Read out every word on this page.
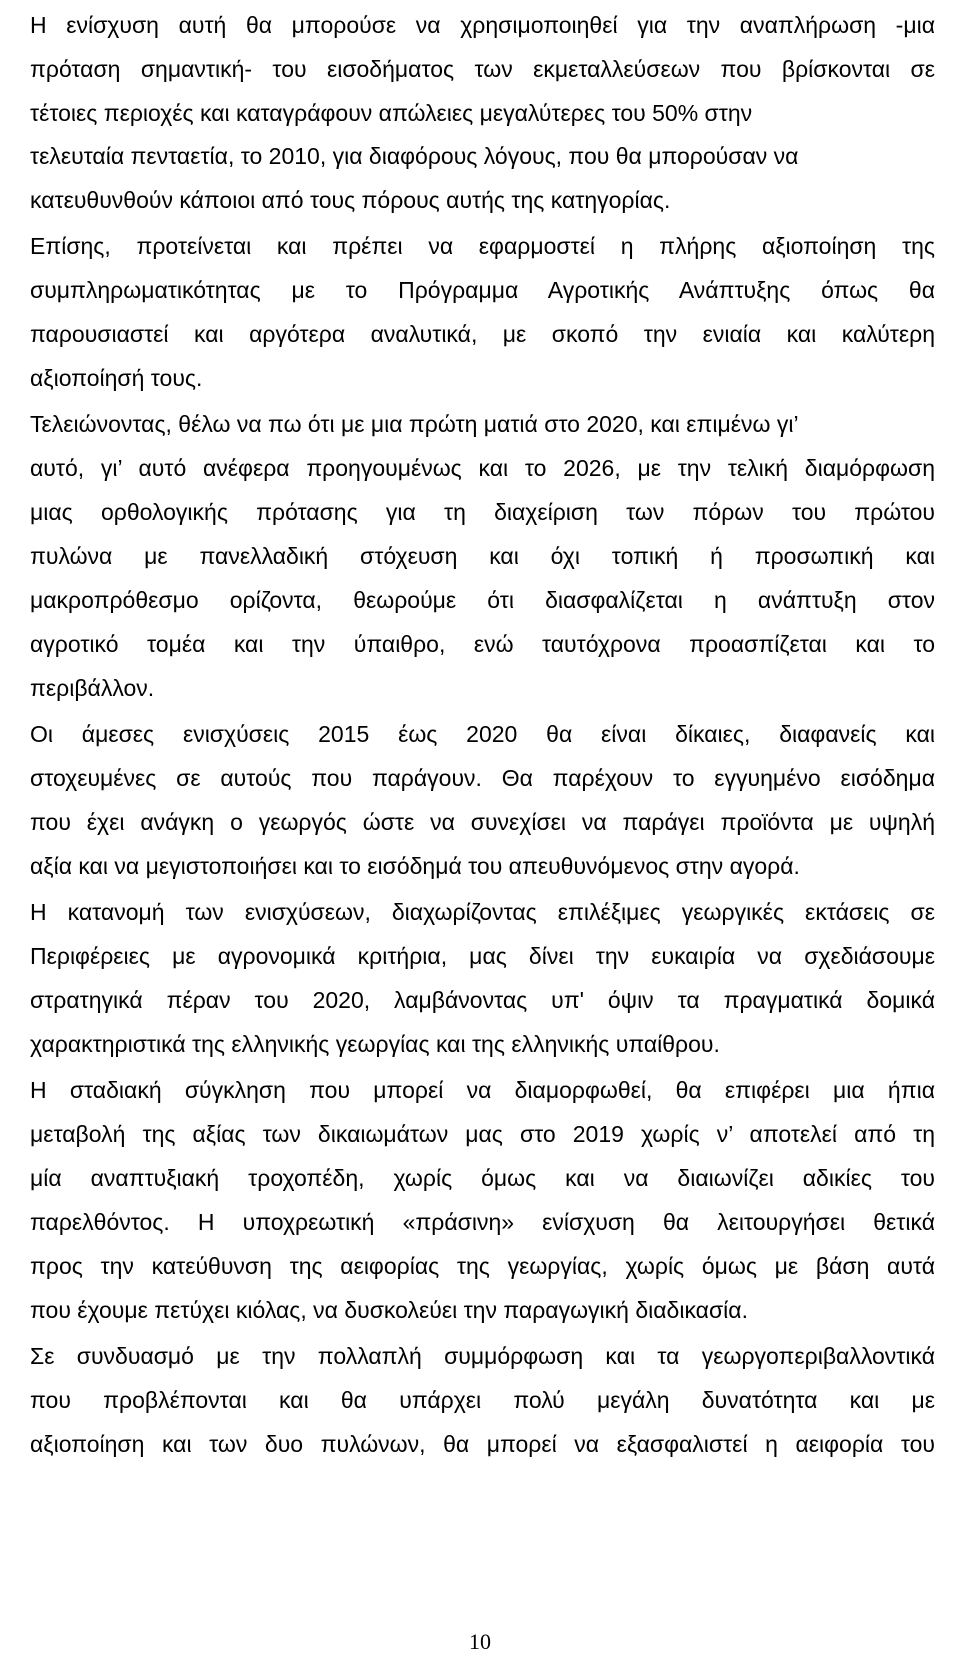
Η ενίσχυση αυτή θα μπορούσε να χρησιμοποιηθεί για την αναπλήρωση -μια
πρόταση σημαντική- του εισοδήματος των εκμεταλλεύσεων που βρίσκονται σε
τέτοιες περιοχές και καταγράφουν απώλειες μεγαλύτερες του 50% στην
τελευταία πενταετία, το 2010, για διαφόρους λόγους, που θα μπορούσαν να
κατευθυνθούν κάποιοι από τους πόρους αυτής της κατηγορίας.
Επίσης, προτείνεται και πρέπει να εφαρμοστεί η πλήρης αξιοποίηση της
συμπληρωματικότητας με το Πρόγραμμα Αγροτικής Ανάπτυξης όπως θα
παρουσιαστεί και αργότερα αναλυτικά, με σκοπό την ενιαία και καλύτερη
αξιοποίησή τους.
Τελειώνοντας, θέλω να πω ότι με μια πρώτη ματιά στο 2020, και επιμένω γι’
αυτό, γι’ αυτό ανέφερα προηγουμένως και το 2026, με την τελική διαμόρφωση
μιας ορθολογικής πρότασης για τη διαχείριση των πόρων του πρώτου
πυλώνα με πανελλαδική στόχευση και όχι τοπική ή προσωπική και
μακροπρόθεσμο ορίζοντα, θεωρούμε ότι διασφαλίζεται η ανάπτυξη στον
αγροτικό τομέα και την ύπαιθρο, ενώ ταυτόχρονα προασπίζεται και το
περιβάλλον.
Οι άμεσες ενισχύσεις 2015 έως 2020 θα είναι δίκαιες, διαφανείς και
στοχευμένες σε αυτούς που παράγουν. Θα παρέχουν το εγγυημένο εισόδημα
που έχει ανάγκη ο γεωργός ώστε να συνεχίσει να παράγει προϊόντα με υψηλή
αξία και να μεγιστοποιήσει και το εισόδημά του απευθυνόμενος στην αγορά.
Η κατανομή των ενισχύσεων, διαχωρίζοντας επιλέξιμες γεωργικές εκτάσεις σε
Περιφέρειες με αγρονομικά κριτήρια, μας δίνει την ευκαιρία να σχεδιάσουμε
στρατηγικά πέραν του 2020, λαμβάνοντας υπ' όψιν τα πραγματικά δομικά
χαρακτηριστικά της ελληνικής γεωργίας και της ελληνικής υπαίθρου.
Η σταδιακή σύγκληση που μπορεί να διαμορφωθεί, θα επιφέρει μια ήπια
μεταβολή της αξίας των δικαιωμάτων μας στο 2019 χωρίς ν’ αποτελεί από τη
μία αναπτυξιακή τροχοπέδη, χωρίς όμως και να διαιωνίζει αδικίες του
παρελθόντος. Η υποχρεωτική «πράσινη» ενίσχυση θα λειτουργήσει θετικά
προς την κατεύθυνση της αειφορίας της γεωργίας, χωρίς όμως με βάση αυτά
που έχουμε πετύχει κιόλας, να δυσκολεύει την παραγωγική διαδικασία.
Σε συνδυασμό με την πολλαπλή συμμόρφωση και τα γεωργοπεριβαλλοντικά
που προβλέπονται και θα υπάρχει πολύ μεγάλη δυνατότητα και με
αξιοποίηση και των δυο πυλώνων, θα μπορεί να εξασφαλιστεί η αειφορία του
10
